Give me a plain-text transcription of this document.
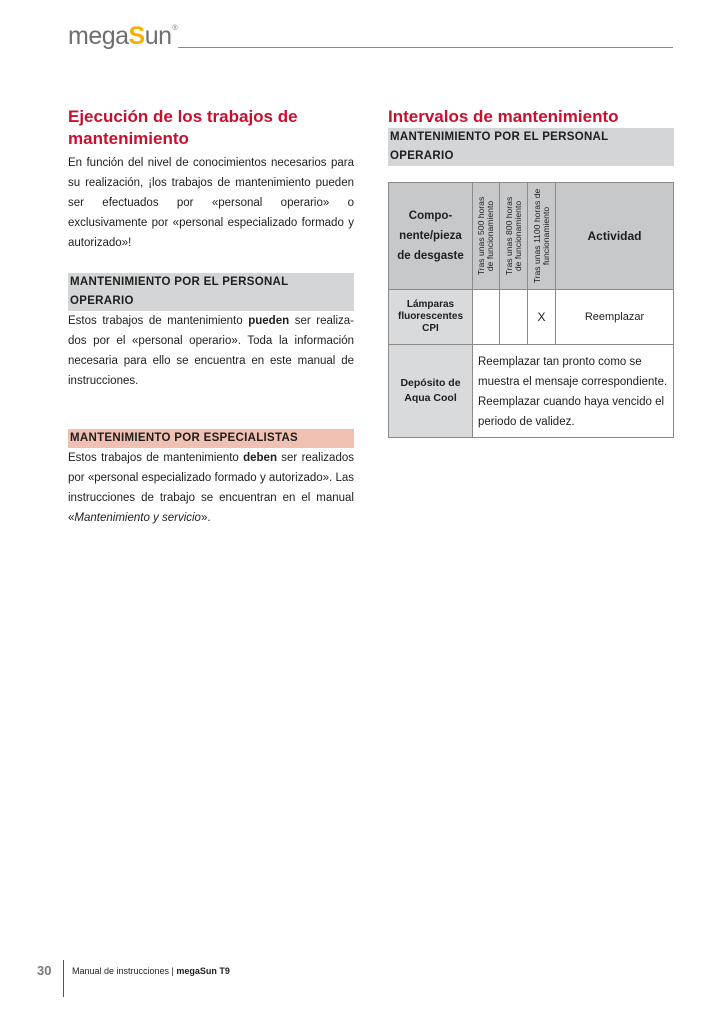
megaSun®
Ejecución de los trabajos de mantenimiento

En función del nivel de conocimientos necesarios para su realización, ¡los trabajos de mantenimiento pueden ser efectuados por «personal operario» o exclusivamente por «personal especializado formado y autorizado»!

MANTENIMIENTO POR EL PERSONAL OPERARIO

Estos trabajos de mantenimiento pueden ser realizados por el «personal operario». Toda la información necesaria para ello se encuentra en este manual de instrucciones.

MANTENIMIENTO POR ESPECIALISTAS

Estos trabajos de mantenimiento deben ser realizados por «personal especializado formado y autorizado». Las instrucciones de trabajo se encuentran en el manual «Mantenimiento y servicio».

Intervalos de mantenimiento
MANTENIMIENTO POR EL PERSONAL OPERARIO
Componente/pieza de desgaste	Tras unas 500 horas de funcionamiento	Tras unas 800 horas de funcionamiento	Tras unas 1100 horas de funcionamiento	Actividad
Lámparas fluorescentes CPI			X	Reemplazar
Depósito de Aqua Cool	Reemplazar tan pronto como se muestra el mensaje correspondiente.
Reemplazar cuando haya vencido el periodo de validez.			
30 Manual de instrucciones | megaSun T9
